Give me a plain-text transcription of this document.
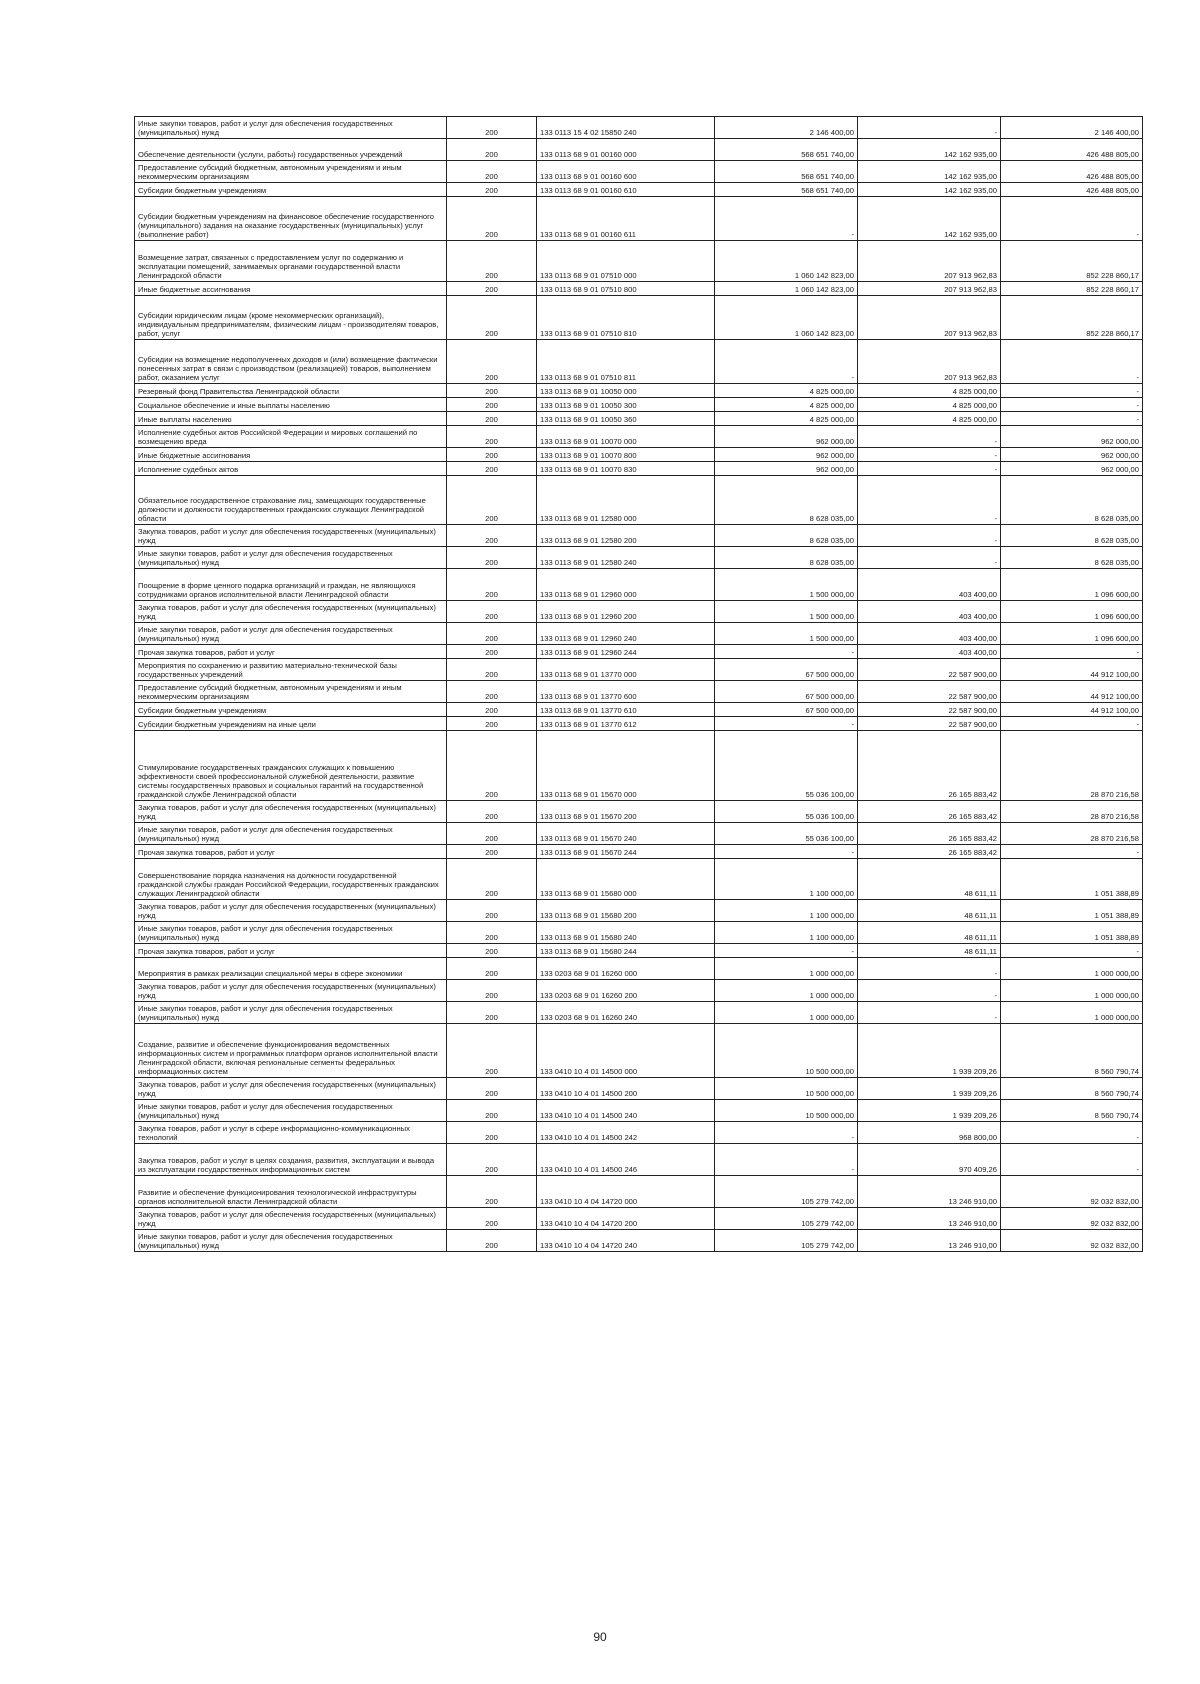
Иные закупки товаров, работ и услуг для обеспечения государственных (муниципальных) нужд	200	133 0113 15 4 02 15850 240	2 146 400,00	-	2 146 400,00
Обеспечение деятельности (услуги, работы) государственных учреждений	200	133 0113 68 9 01 00160 000	568 651 740,00	142 162 935,00	426 488 805,00
Предоставление субсидий бюджетным, автономным учреждениям и иным некоммерческим организациям	200	133 0113 68 9 01 00160 600	568 651 740,00	142 162 935,00	426 488 805,00
Субсидии бюджетным учреждениям	200	133 0113 68 9 01 00160 610	568 651 740,00	142 162 935,00	426 488 805,00
Субсидии бюджетным учреждениям на финансовое обеспечение государственного (муниципального) задания на оказание государственных (муниципальных) услуг (выполнение работ)	200	133 0113 68 9 01 00160 611	-	142 162 935,00	-
Возмещение затрат, связанных с предоставлением услуг по содержанию и эксплуатации помещений, занимаемых органами государственной власти Ленинградской области	200	133 0113 68 9 01 07510 000	1 060 142 823,00	207 913 962,83	852 228 860,17
Иные бюджетные ассигнования	200	133 0113 68 9 01 07510 800	1 060 142 823,00	207 913 962,83	852 228 860,17
Субсидии юридическим лицам (кроме некоммерческих организаций), индивидуальным предпринимателям, физическим лицам - производителям товаров, работ, услуг	200	133 0113 68 9 01 07510 810	1 060 142 823,00	207 913 962,83	852 228 860,17
Субсидии на возмещение недополученных доходов и (или) возмещение фактически понесенных затрат в связи с производством (реализацией) товаров, выполнением работ, оказанием услуг	200	133 0113 68 9 01 07510 811	-	207 913 962,83	-
Резервный фонд Правительства Ленинградской области	200	133 0113 68 9 01 10050 000	4 825 000,00	4 825 000,00	-
Социальное обеспечение и иные выплаты населению	200	133 0113 68 9 01 10050 300	4 825 000,00	4 825 000,00	-
Иные выплаты населению	200	133 0113 68 9 01 10050 360	4 825 000,00	4 825 000,00	-
Исполнение судебных актов Российской Федерации и мировых соглашений по возмещению вреда	200	133 0113 68 9 01 10070 000	962 000,00	-	962 000,00
Иные бюджетные ассигнования	200	133 0113 68 9 01 10070 800	962 000,00	-	962 000,00
Исполнение судебных актов	200	133 0113 68 9 01 10070 830	962 000,00	-	962 000,00
Обязательное государственное страхование лиц, замещающих государственные должности и должности государственных гражданских служащих Ленинградской области	200	133 0113 68 9 01 12580 000	8 628 035,00	-	8 628 035,00
Закупка товаров, работ и услуг для обеспечения государственных (муниципальных) нужд	200	133 0113 68 9 01 12580 200	8 628 035,00	-	8 628 035,00
Иные закупки товаров, работ и услуг для обеспечения государственных (муниципальных) нужд	200	133 0113 68 9 01 12580 240	8 628 035,00	-	8 628 035,00
Поощрение в форме ценного подарка организаций и граждан, не являющихся сотрудниками органов исполнительной власти Ленинградской области	200	133 0113 68 9 01 12960 000	1 500 000,00	403 400,00	1 096 600,00
Закупка товаров, работ и услуг для обеспечения государственных (муниципальных) нужд	200	133 0113 68 9 01 12960 200	1 500 000,00	403 400,00	1 096 600,00
Иные закупки товаров, работ и услуг для обеспечения государственных (муниципальных) нужд	200	133 0113 68 9 01 12960 240	1 500 000,00	403 400,00	1 096 600,00
Прочая закупка товаров, работ и услуг	200	133 0113 68 9 01 12960 244	-	403 400,00	-
Мероприятия по сохранению и развитию материально-технической базы государственных учреждений	200	133 0113 68 9 01 13770 000	67 500 000,00	22 587 900,00	44 912 100,00
Предоставление субсидий бюджетным, автономным учреждениям и иным некоммерческим организациям	200	133 0113 68 9 01 13770 600	67 500 000,00	22 587 900,00	44 912 100,00
Субсидии бюджетным учреждениям	200	133 0113 68 9 01 13770 610	67 500 000,00	22 587 900,00	44 912 100,00
Субсидии бюджетным учреждениям на иные цели	200	133 0113 68 9 01 13770 612	-	22 587 900,00	-
Стимулирование государственных гражданских служащих к повышению эффективности своей профессиональной служебной деятельности, развитие системы государственных правовых и социальных гарантий на государственной гражданской службе Ленинградской области	200	133 0113 68 9 01 15670 000	55 036 100,00	26 165 883,42	28 870 216,58
Закупка товаров, работ и услуг для обеспечения государственных (муниципальных) нужд	200	133 0113 68 9 01 15670 200	55 036 100,00	26 165 883,42	28 870 216,58
Иные закупки товаров, работ и услуг для обеспечения государственных (муниципальных) нужд	200	133 0113 68 9 01 15670 240	55 036 100,00	26 165 883,42	28 870 216,58
Прочая закупка товаров, работ и услуг	200	133 0113 68 9 01 15670 244	-	26 165 883,42	-
Совершенствование порядка назначения на должности государственной гражданской службы граждан Российской Федерации, государственных гражданских служащих Ленинградской области	200	133 0113 68 9 01 15680 000	1 100 000,00	48 611,11	1 051 388,89
Закупка товаров, работ и услуг для обеспечения государственных (муниципальных) нужд	200	133 0113 68 9 01 15680 200	1 100 000,00	48 611,11	1 051 388,89
Иные закупки товаров, работ и услуг для обеспечения государственных (муниципальных) нужд	200	133 0113 68 9 01 15680 240	1 100 000,00	48 611,11	1 051 388,89
Прочая закупка товаров, работ и услуг	200	133 0113 68 9 01 15680 244	-	48 611,11	-
Мероприятия в рамках реализации специальной меры в сфере экономики	200	133 0203 68 9 01 16260 000	1 000 000,00	-	1 000 000,00
Закупка товаров, работ и услуг для обеспечения государственных (муниципальных) нужд	200	133 0203 68 9 01 16260 200	1 000 000,00	-	1 000 000,00
Иные закупки товаров, работ и услуг для обеспечения государственных (муниципальных) нужд	200	133 0203 68 9 01 16260 240	1 000 000,00	-	1 000 000,00
Создание, развитие и обеспечение функционирования ведомственных информационных систем и программных платформ органов исполнительной власти Ленинградской области, включая региональные сегменты федеральных информационных систем	200	133 0410 10 4 01 14500 000	10 500 000,00	1 939 209,26	8 560 790,74
Закупка товаров, работ и услуг для обеспечения государственных (муниципальных) нужд	200	133 0410 10 4 01 14500 200	10 500 000,00	1 939 209,26	8 560 790,74
Иные закупки товаров, работ и услуг для обеспечения государственных (муниципальных) нужд	200	133 0410 10 4 01 14500 240	10 500 000,00	1 939 209,26	8 560 790,74
Закупка товаров, работ и услуг в сфере информационно-коммуникационных технологий	200	133 0410 10 4 01 14500 242	-	968 800,00	-
Закупка товаров, работ и услуг в целях создания, развития, эксплуатации и вывода из эксплуатации государственных информационных систем	200	133 0410 10 4 01 14500 246	-	970 409,26	-
Развитие и обеспечение функционирования технологической инфраструктуры органов исполнительной власти Ленинградской области	200	133 0410 10 4 04 14720 000	105 279 742,00	13 246 910,00	92 032 832,00
Закупка товаров, работ и услуг для обеспечения государственных (муниципальных) нужд	200	133 0410 10 4 04 14720 200	105 279 742,00	13 246 910,00	92 032 832,00
Иные закупки товаров, работ и услуг для обеспечения государственных (муниципальных) нужд	200	133 0410 10 4 04 14720 240	105 279 742,00	13 246 910,00	92 032 832,00
90
